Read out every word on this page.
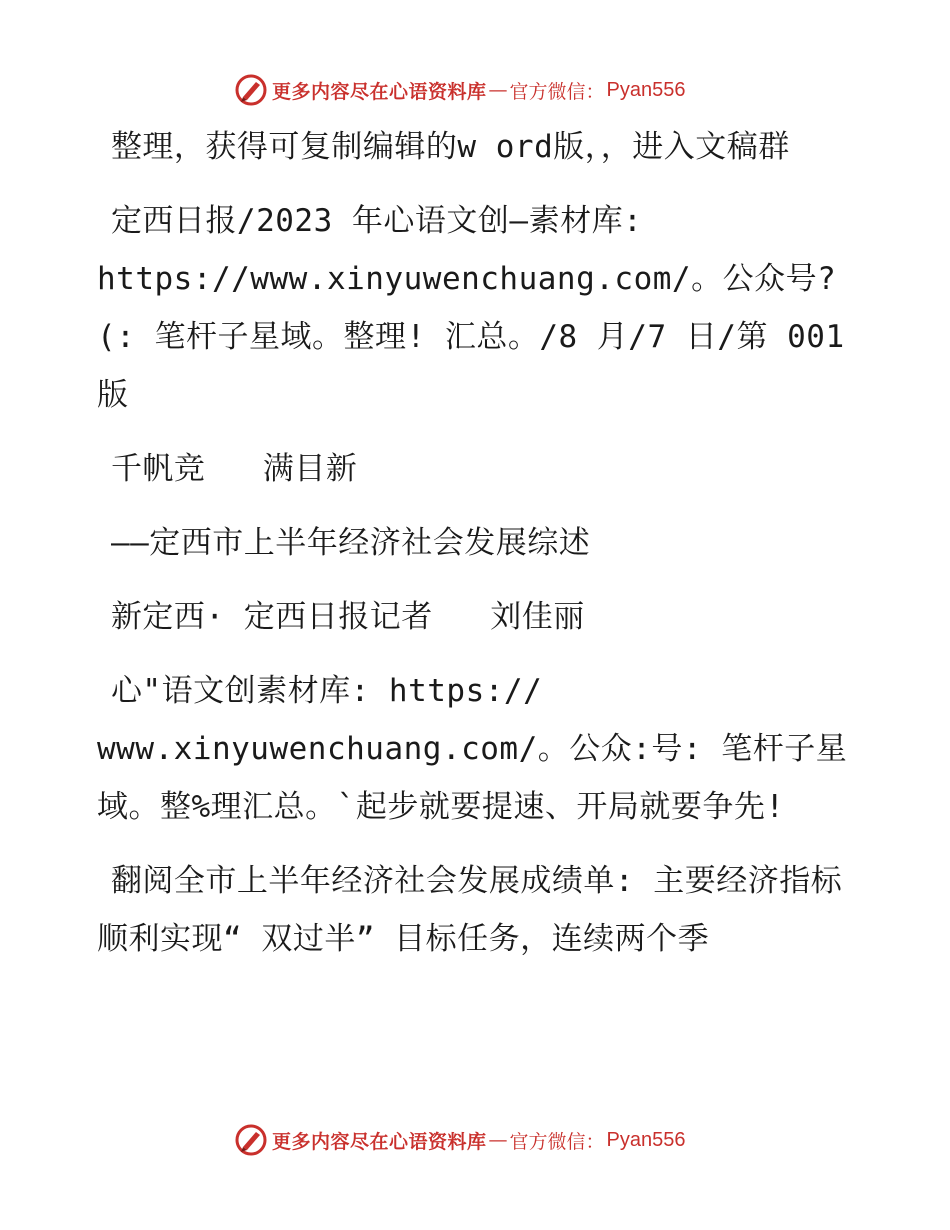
更多内容尽在心语资料库 — 官方微信： Pyan556

整理，获得可复制编辑的w ord版，，进入文稿群

定西日报/2023 年心语文创—素材库: https://www.xinyuwenchuang.com/。公众号?(: 笔杆子星域。整理! 汇总。/8 月/7 日/第 001 版

千帆竞   满目新

——定西市上半年经济社会发展综述

新定西· 定西日报记者   刘佳丽

心"语文创素材库: https:// www.xinyuwenchuang.com/。公众:号: 笔杆子星域。整%理汇总。`起步就要提速、开局就要争先!

翻阅全市上半年经济社会发展成绩单: 主要经济指标顺利实现“ 双过半” 目标任务，连续两个季

更多内容尽在心语资料库 — 官方微信： Pyan556
